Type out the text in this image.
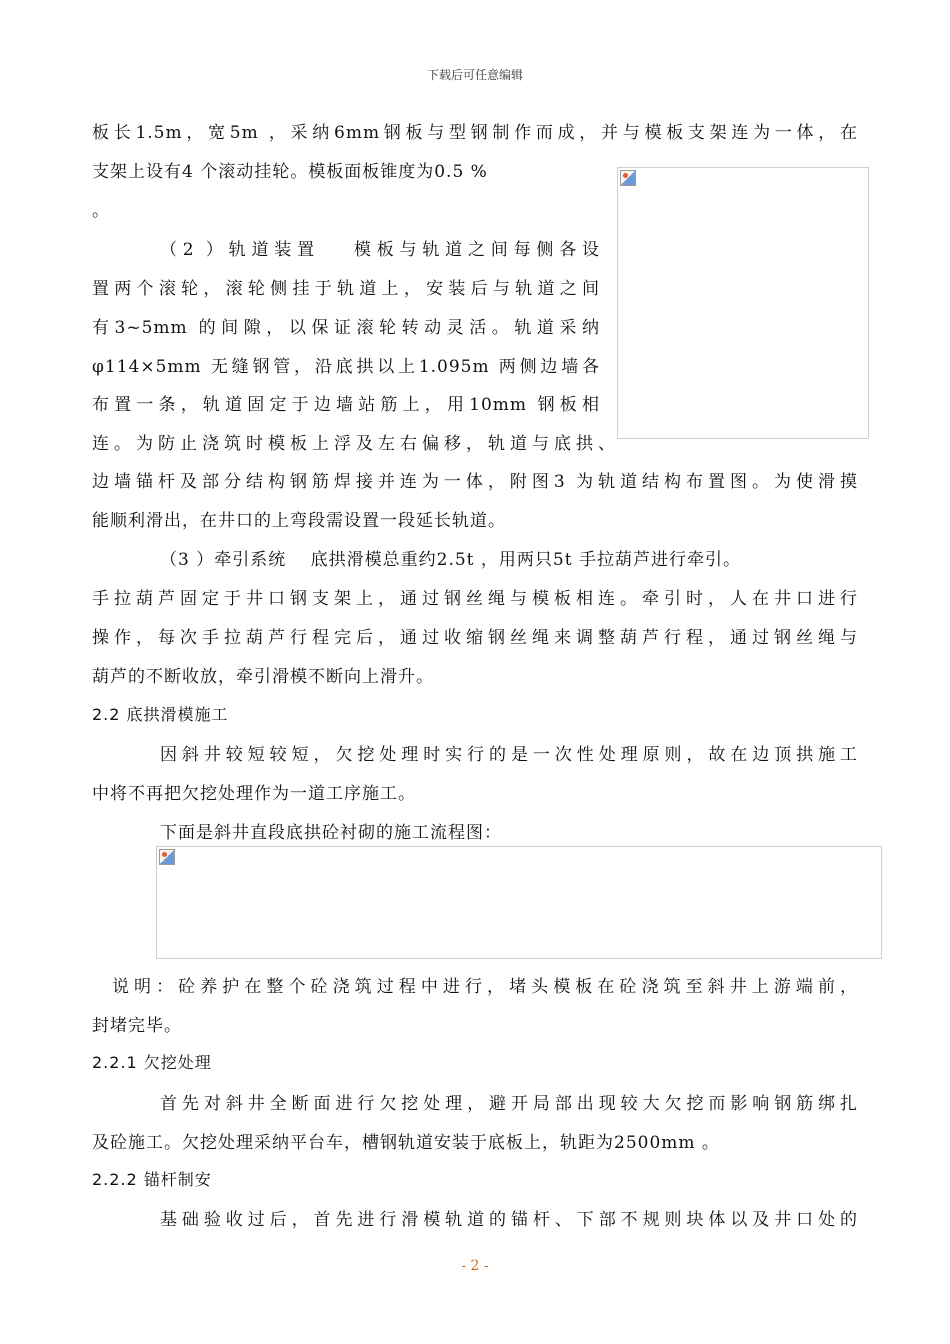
下载后可任意编辑
板长1.5m，宽5m ，采纳6mm钢板与型钢制作而成，并与模板支架连为一体，在
支架上设有4 个滚动挂轮。模板面板锥度为0.5 %
。
（2 ）轨道装置 　模板与轨道之间每侧各设
置两个滚轮，滚轮侧挂于轨道上，安装后与轨道之间
有3~5mm 的间隙，以保证滚轮转动灵活。轨道采纳
φ114×5mm 无缝钢管，沿底拱以上1.095m 两侧边墙各
布置一条，轨道固定于边墙站筋上，用10mm 钢板相
连。为防止浇筑时模板上浮及左右偏移，轨道与底拱、
边墙锚杆及部分结构钢筋焊接并连为一体，附图3 为轨道结构布置图。为使滑摸
能顺利滑出，在井口的上弯段需设置一段延长轨道。
（3 ）牵引系统 　底拱滑模总重约2.5t ，用两只5t 手拉葫芦进行牵引。
手拉葫芦固定于井口钢支架上，通过钢丝绳与模板相连。牵引时，人在井口进行
操作，每次手拉葫芦行程完后，通过收缩钢丝绳来调整葫芦行程，通过钢丝绳与
葫芦的不断收放，牵引滑模不断向上滑升。
2.2 底拱滑模施工
因斜井较短较短，欠挖处理时实行的是一次性处理原则，故在边顶拱施工
中将不再把欠挖处理作为一道工序施工。
下面是斜井直段底拱砼衬砌的施工流程图：
说明：砼养护在整个砼浇筑过程中进行，堵头模板在砼浇筑至斜井上游端前，
封堵完毕。
2.2.1 欠挖处理
首先对斜井全断面进行欠挖处理，避开局部出现较大欠挖而影响钢筋绑扎
及砼施工。欠挖处理采纳平台车，槽钢轨道安装于底板上，轨距为2500mm 。
2.2.2 锚杆制安
基础验收过后，首先进行滑模轨道的锚杆、下部不规则块体以及井口处的
- 2 -
